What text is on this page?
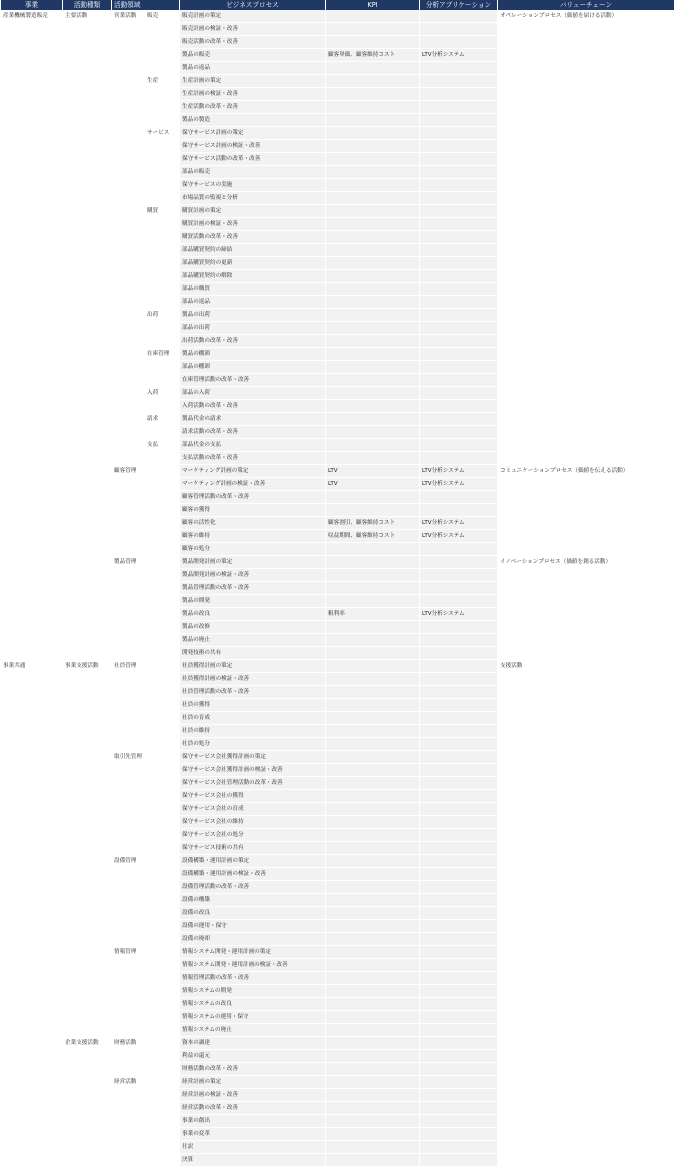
事業	活動種類	活動領域		ビジネスプロセス	KPI	分析アプリケーション	バリューチェーン
産業機械製造販売	主要活動	営業活動	販売	販売計画の策定			オペレーションプロセス（価値を届ける活動）
				販売計画の検証・改善			
				販売活動の改革・改善			
				製品の販売	顧客単価、顧客維持コスト	LTV分析システム	
				製品の返品			
			生産	生産計画の策定			
				生産計画の検証・改善			
				生産活動の改革・改善			
				製品の製造			
			サービス	保守サービス計画の策定			
				保守サービス計画の検証・改善			
				保守サービス活動の改革・改善			
				部品の販売			
				保守サービスの実施			
				市場品質の監視と分析			
			購買	購買計画の策定			
				購買計画の検証・改善			
				購買活動の改革・改善			
				部品購買契約の締結			
				部品購買契約の更新			
				部品購買契約の解除			
				部品の購買			
				部品の返品			
			出荷	製品の出荷			
				部品の出荷			
				出荷活動の改革・改善			
			在庫管理	製品の棚卸			
				部品の棚卸			
				在庫管理活動の改革・改善			
			入荷	部品の入荷			
				入荷活動の改革・改善			
			請求	製品代金の請求			
				請求活動の改革・改善			
			支払	部品代金の支払			
				支払活動の改革・改善			
		顧客管理		マーケティング計画の策定	LTV	LTV分析システム	コミュニケーションプロセス（価値を伝える活動）
				マーケティング計画の検証・改善	LTV	LTV分析システム	
				顧客管理活動の改革・改善			
				顧客の獲得			
				顧客の活性化	顧客割引、顧客維持コスト	LTV分析システム	
				顧客の維持	収益期間、顧客維持コスト	LTV分析システム	
				顧客の処分			
		製品管理		製品開発計画の策定			イノベーションプロセス（価値を創る活動）
				製品開発計画の検証・改善			
				製品管理活動の改革・改善			
				製品の開発			
				製品の改良	粗利率	LTV分析システム	
				製品の改修			
				製品の廃止			
				開発技術の共有			
事業共通	事業支援活動	社員管理		社員獲得計画の策定			支援活動
				社員獲得計画の検証・改善			
				社員管理活動の改革・改善			
				社員の獲得			
				社員の育成			
				社員の維持			
				社員の処分			
		取引先管理		保守サービス会社獲得計画の策定			
				保守サービス会社獲得計画の検証・改善			
				保守サービス会社管理活動の改革・改善			
				保守サービス会社の獲得			
				保守サービス会社の育成			
				保守サービス会社の維持			
				保守サービス会社の処分			
				保守サービス技術の共有			
		設備管理		設備構築・運用計画の策定			
				設備構築・運用計画の検証・改善			
				設備管理活動の改革・改善			
				設備の構築			
				設備の改良			
				設備の運用・保守			
				設備の廃却			
		情報管理		情報システム開発・運用計画の策定			
				情報システム開発・運用計画の検証・改善			
				情報管理活動の改革・改善			
				情報システムの開発			
				情報システムの改良			
				情報システムの運用・保守			
				情報システムの廃止			
	企業支援活動	財務活動		資本の調達			
				利益の還元			
				財務活動の改革・改善			
		経営活動		経営計画の策定			
				経営計画の検証・改善			
				経営活動の改革・改善			
				事業の創出			
				事業の変革			
				仕訳			
				決算			
